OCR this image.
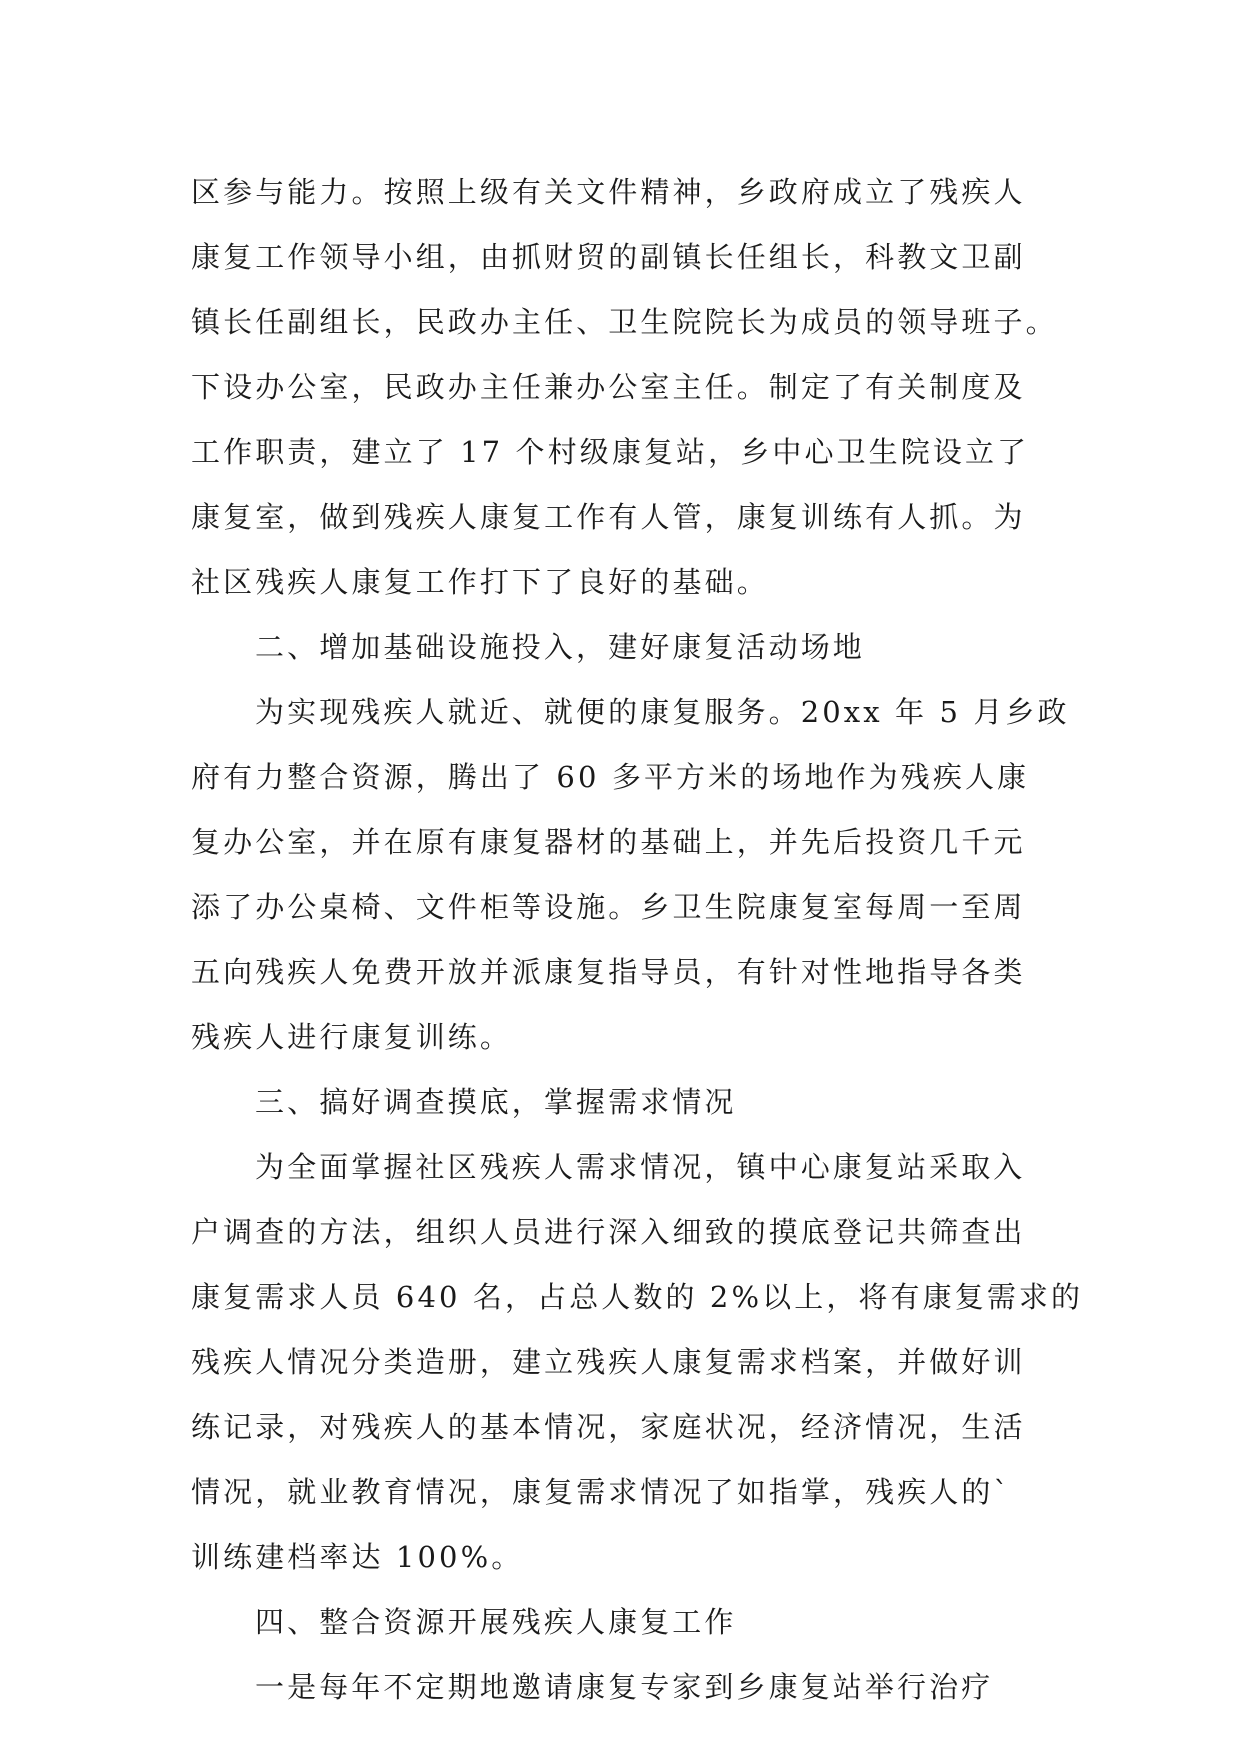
区参与能力。按照上级有关文件精神，乡政府成立了残疾人
康复工作领导小组，由抓财贸的副镇长任组长，科教文卫副
镇长任副组长，民政办主任、卫生院院长为成员的领导班子。
下设办公室，民政办主任兼办公室主任。制定了有关制度及
工作职责，建立了 17 个村级康复站，乡中心卫生院设立了
康复室，做到残疾人康复工作有人管，康复训练有人抓。为
社区残疾人康复工作打下了良好的基础。
二、增加基础设施投入，建好康复活动场地
为实现残疾人就近、就便的康复服务。20xx 年 5 月乡政
府有力整合资源，腾出了 60 多平方米的场地作为残疾人康
复办公室，并在原有康复器材的基础上，并先后投资几千元
添了办公桌椅、文件柜等设施。乡卫生院康复室每周一至周
五向残疾人免费开放并派康复指导员，有针对性地指导各类
残疾人进行康复训练。
三、搞好调查摸底，掌握需求情况
为全面掌握社区残疾人需求情况，镇中心康复站采取入
户调查的方法，组织人员进行深入细致的摸底登记共筛查出
康复需求人员 640 名，占总人数的 2%以上，将有康复需求的
残疾人情况分类造册，建立残疾人康复需求档案，并做好训
练记录，对残疾人的基本情况，家庭状况，经济情况，生活
情况，就业教育情况，康复需求情况了如指掌，残疾人的`
训练建档率达 100%。
四、整合资源开展残疾人康复工作
一是每年不定期地邀请康复专家到乡康复站举行治疗
